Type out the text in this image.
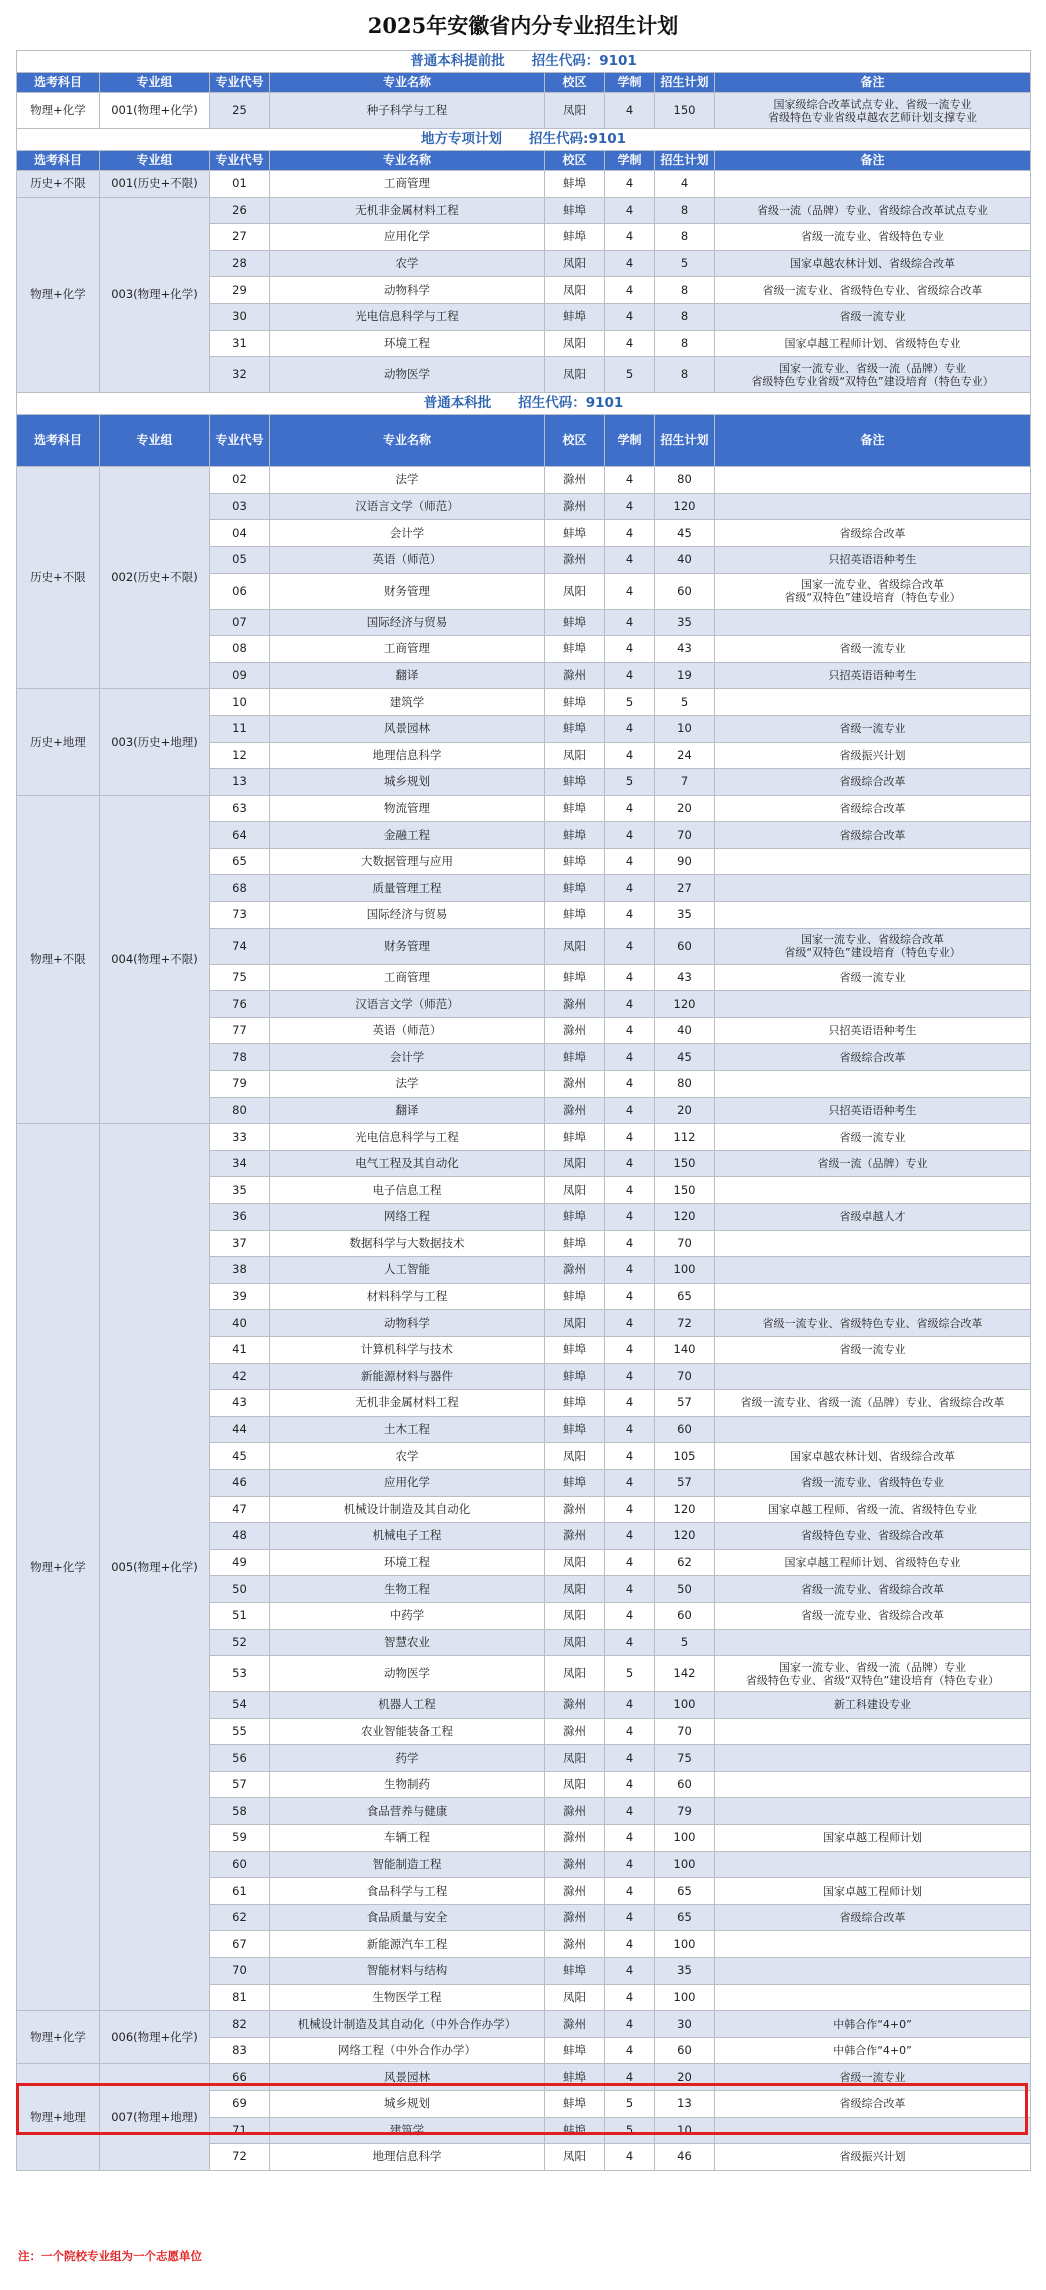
2025年安徽省内分专业招生计划
普通本科提前批　　招生代码：9101							
选考科目	专业组	专业代号	专业名称	校区	学制	招生计划	备注
物理+化学	001(物理+化学)	25	种子科学与工程	凤阳	4	150	国家级综合改革试点专业、省级一流专业
省级特色专业省级卓越农艺师计划支撑专业
地方专项计划　　招生代码:9101							
选考科目	专业组	专业代号	专业名称	校区	学制	招生计划	备注
历史+不限	001(历史+不限)	01	工商管理	蚌埠	4	4	
物理+化学	003(物理+化学)	26	无机非金属材料工程	蚌埠	4	8	省级一流（品牌）专业、省级综合改革试点专业
		27	应用化学	蚌埠	4	8	省级一流专业、省级特色专业
		28	农学	凤阳	4	5	国家卓越农林计划、省级综合改革
		29	动物科学	凤阳	4	8	省级一流专业、省级特色专业、省级综合改革
		30	光电信息科学与工程	蚌埠	4	8	省级一流专业
		31	环境工程	凤阳	4	8	国家卓越工程师计划、省级特色专业
		32	动物医学	凤阳	5	8	国家一流专业、省级一流（品牌）专业
省级特色专业省级“双特色”建设培育（特色专业）
普通本科批　　招生代码：9101							
选考科目	专业组	专业代号	专业名称	校区	学制	招生计划	备注
历史+不限	002(历史+不限)	02	法学	滁州	4	80	
		03	汉语言文学（师范）	滁州	4	120	
		04	会计学	蚌埠	4	45	省级综合改革
		05	英语（师范）	滁州	4	40	只招英语语种考生
		06	财务管理	凤阳	4	60	国家一流专业、省级综合改革
省级“双特色”建设培育（特色专业）
		07	国际经济与贸易	蚌埠	4	35	
		08	工商管理	蚌埠	4	43	省级一流专业
		09	翻译	滁州	4	19	只招英语语种考生
历史+地理	003(历史+地理)	10	建筑学	蚌埠	5	5	
		11	风景园林	蚌埠	4	10	省级一流专业
		12	地理信息科学	凤阳	4	24	省级振兴计划
		13	城乡规划	蚌埠	5	7	省级综合改革
物理+不限	004(物理+不限)	63	物流管理	蚌埠	4	20	省级综合改革
		64	金融工程	蚌埠	4	70	省级综合改革
		65	大数据管理与应用	蚌埠	4	90	
		68	质量管理工程	蚌埠	4	27	
		73	国际经济与贸易	蚌埠	4	35	
		74	财务管理	凤阳	4	60	国家一流专业、省级综合改革
省级“双特色”建设培育（特色专业）
		75	工商管理	蚌埠	4	43	省级一流专业
		76	汉语言文学（师范）	滁州	4	120	
		77	英语（师范）	滁州	4	40	只招英语语种考生
		78	会计学	蚌埠	4	45	省级综合改革
		79	法学	滁州	4	80	
		80	翻译	滁州	4	20	只招英语语种考生
物理+化学	005(物理+化学)	33	光电信息科学与工程	蚌埠	4	112	省级一流专业
		34	电气工程及其自动化	凤阳	4	150	省级一流（品牌）专业
		35	电子信息工程	凤阳	4	150	
		36	网络工程	蚌埠	4	120	省级卓越人才
		37	数据科学与大数据技术	蚌埠	4	70	
		38	人工智能	滁州	4	100	
		39	材料科学与工程	蚌埠	4	65	
		40	动物科学	凤阳	4	72	省级一流专业、省级特色专业、省级综合改革
		41	计算机科学与技术	蚌埠	4	140	省级一流专业
		42	新能源材料与器件	蚌埠	4	70	
		43	无机非金属材料工程	蚌埠	4	57	省级一流专业、省级一流（品牌）专业、省级综合改革
		44	土木工程	蚌埠	4	60	
		45	农学	凤阳	4	105	国家卓越农林计划、省级综合改革
		46	应用化学	蚌埠	4	57	省级一流专业、省级特色专业
		47	机械设计制造及其自动化	滁州	4	120	国家卓越工程师、省级一流、省级特色专业
		48	机械电子工程	滁州	4	120	省级特色专业、省级综合改革
		49	环境工程	凤阳	4	62	国家卓越工程师计划、省级特色专业
		50	生物工程	凤阳	4	50	省级一流专业、省级综合改革
		51	中药学	凤阳	4	60	省级一流专业、省级综合改革
		52	智慧农业	凤阳	4	5	
		53	动物医学	凤阳	5	142	国家一流专业、省级一流（品牌）专业
省级特色专业、省级“双特色”建设培育（特色专业）
		54	机器人工程	滁州	4	100	新工科建设专业
		55	农业智能装备工程	滁州	4	70	
		56	药学	凤阳	4	75	
		57	生物制药	凤阳	4	60	
		58	食品营养与健康	滁州	4	79	
		59	车辆工程	滁州	4	100	国家卓越工程师计划
		60	智能制造工程	滁州	4	100	
		61	食品科学与工程	滁州	4	65	国家卓越工程师计划
		62	食品质量与安全	滁州	4	65	省级综合改革
		67	新能源汽车工程	滁州	4	100	
		70	智能材料与结构	蚌埠	4	35	
		81	生物医学工程	凤阳	4	100	
物理+化学	006(物理+化学)	82	机械设计制造及其自动化（中外合作办学）	滁州	4	30	中韩合作“4+0”
		83	网络工程（中外合作办学）	蚌埠	4	60	中韩合作“4+0”
物理+地理	007(物理+地理)	66	风景园林	蚌埠	4	20	省级一流专业
		69	城乡规划	蚌埠	5	13	省级综合改革
		71	建筑学	蚌埠	5	10	
		72	地理信息科学	凤阳	4	46	省级振兴计划
注：一个院校专业组为一个志愿单位
